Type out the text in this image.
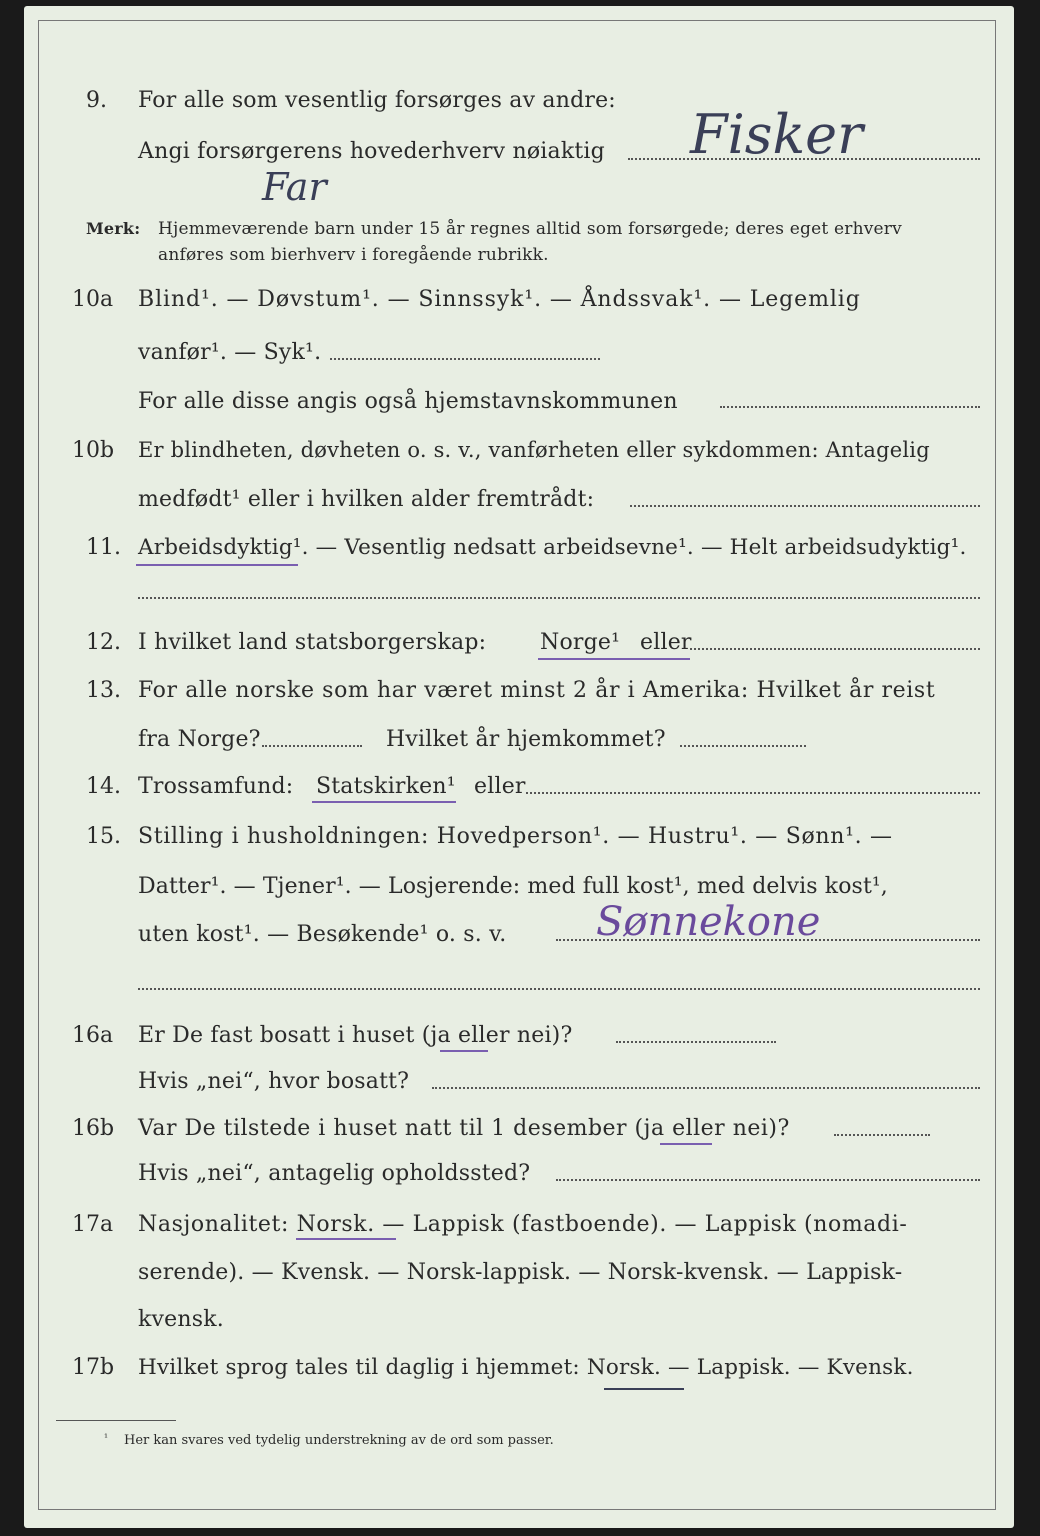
9. For alle som vesentlig forsørges av andre:
Angi forsørgerens hovederhverv nøiaktig Fisker
Far
Merk: Hjemmeværende barn under 15 år regnes alltid som forsørgede; deres eget erhverv
anføres som bierhverv i foregående rubrikk.
10a Blind¹. — Døvstum¹. — Sinnssyk¹. — Åndssvak¹. — Legemlig
vanfør¹. — Syk¹.
For alle disse angis også hjemstavnskommunen
10b Er blindheten, døvheten o. s. v., vanførheten eller sykdommen: Antagelig
medfødt¹ eller i hvilken alder fremtrådt:
11. Arbeidsdyktig¹. — Vesentlig nedsatt arbeidsevne¹. — Helt arbeidsudyktig¹.
12. I hvilket land statsborgerskap: Norge¹ eller
13. For alle norske som har været minst 2 år i Amerika: Hvilket år reist
fra Norge?	Hvilket år hjemkommet?
14. Trossamfund: Statskirken¹ eller
15. Stilling i husholdningen: Hovedperson¹. — Hustru¹. — Sønn¹. —
Datter¹. — Tjener¹. — Losjerende: med full kost¹, med delvis kost¹,
uten kost¹. — Besøkende¹ o. s. v. Sønnekone
16a Er De fast bosatt i huset (ja eller nei)?
Hvis „nei“, hvor bosatt?
16b Var De tilstede i huset natt til 1 desember (ja eller nei)?
Hvis „nei“, antagelig opholdssted?
17a Nasjonalitet: Norsk. — Lappisk (fastboende). — Lappisk (nomadi-
serende). — Kvensk. — Norsk-lappisk. — Norsk-kvensk. — Lappisk-
kvensk.
17b Hvilket sprog tales til daglig i hjemmet: Norsk. — Lappisk. — Kvensk.
¹ Her kan svares ved tydelig understrekning av de ord som passer.
